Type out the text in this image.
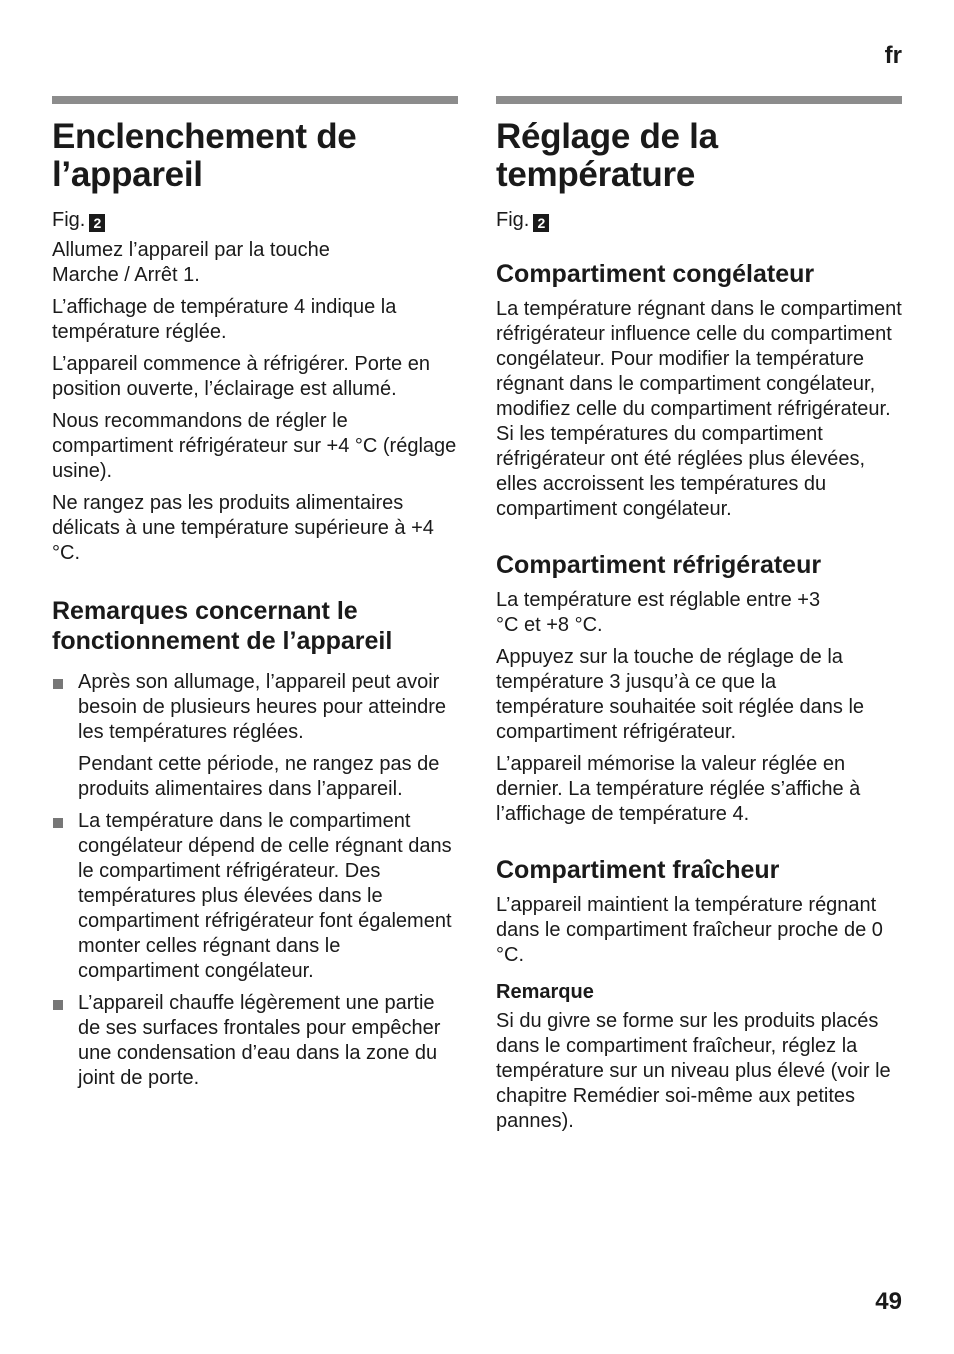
fr
Enclenchement de l’appareil

Fig. 2

Allumez l’appareil par la touche Marche / Arrêt 1.

L’affichage de température 4 indique la température réglée.

L’appareil commence à réfrigérer. Porte en position ouverte, l’éclairage est allumé.

Nous recommandons de régler le compartiment réfrigérateur sur +4 °C (réglage usine).

Ne rangez pas les produits alimentaires délicats à une température supérieure à +4 °C.

Remarques concernant le fonctionnement de l’appareil

Après son allumage, l’appareil peut avoir besoin de plusieurs heures pour atteindre les températures réglées.

Pendant cette période, ne rangez pas de produits alimentaires dans l’appareil.

La température dans le compartiment congélateur dépend de celle régnant dans le compartiment réfrigérateur. Des températures plus élevées dans le compartiment réfrigérateur font également monter celles régnant dans le compartiment congélateur.

L’appareil chauffe légèrement une partie de ses surfaces frontales pour empêcher une condensation d’eau dans la zone du joint de porte.

Réglage de la température

Fig. 2

Compartiment congélateur

La température régnant dans le compartiment réfrigérateur influence celle du compartiment congélateur. Pour modifier la température régnant dans le compartiment congélateur, modifiez celle du compartiment réfrigérateur. Si les températures du compartiment réfrigérateur ont été réglées plus élevées, elles accroissent les températures du compartiment congélateur.

Compartiment réfrigérateur

La température est réglable entre +3 °C et +8 °C.

Appuyez sur la touche de réglage de la température 3 jusqu’à ce que la température souhaitée soit réglée dans le compartiment réfrigérateur.

L’appareil mémorise la valeur réglée en dernier. La température réglée s’affiche à l’affichage de température 4.

Compartiment fraîcheur

L’appareil maintient la température régnant dans le compartiment fraîcheur proche de 0 °C.

Remarque

Si du givre se forme sur les produits placés dans le compartiment fraîcheur, réglez la température sur un niveau plus élevé (voir le chapitre Remédier soi-même aux petites pannes).

49
